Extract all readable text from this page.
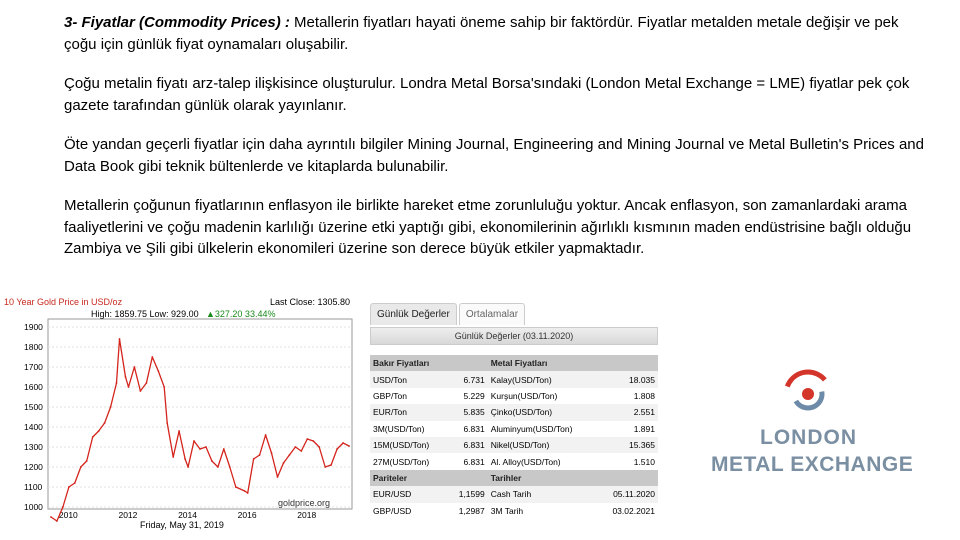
3- Fiyatlar (Commodity Prices) : Metallerin fiyatları hayati öneme sahip bir faktördür. Fiyatlar metalden metale değişir ve pek çoğu için günlük fiyat oynamaları oluşabilir.

Çoğu metalin fiyatı arz-talep ilişkisince oluşturulur. Londra Metal Borsa'sındaki (London Metal Exchange = LME) fiyatlar pek çok gazete tarafından günlük olarak yayınlanır.

Öte yandan geçerli fiyatlar için daha ayrıntılı bilgiler Mining Journal, Engineering and Mining Journal ve Metal Bulletin's Prices and Data Book gibi teknik bültenlerde ve kitaplarda bulunabilir.

Metallerin çoğunun fiyatlarının enflasyon ile birlikte hareket etme zorunluluğu yoktur. Ancak enflasyon, son zamanlardaki arama faaliyetlerini ve çoğu madenin karlılığı üzerine etki yaptığı gibi, ekonomilerinin ağırlıklı kısmının maden endüstrisine bağlı olduğu Zambiya ve Şili gibi ülkelerin ekonomileri üzerine son derece büyük etkiler yapmaktadır.

1900
1800
1700
1600
1500
1400
1300
1200
1100
1000
2010	2012	2014	2016	2018
10 Year Gold Price in USD/oz	Last Close: 1305.80
High: 1859.75 Low: 929.00 ▲327.20 33.44%
goldprice.org
Friday, May 31, 2019
Günlük Değerler	Ortalamalar
Günlük Değerler (03.11.2020)
Bakır Fiyatları		Metal Fiyatları	
USD/Ton	6.731	Kalay(USD/Ton)	18.035
GBP/Ton	5.229	Kurşun(USD/Ton)	1.808
EUR/Ton	5.835	Çinko(USD/Ton)	2.551
3M(USD/Ton)	6.831	Aluminyum(USD/Ton)	1.891
15M(USD/Ton)	6.831	Nikel(USD/Ton)	15.365
27M(USD/Ton)	6.831	Al. Alloy(USD/Ton)	1.510
Pariteler		Tarihler	
EUR/USD	1,1599	Cash Tarih	05.11.2020
GBP/USD	1,2987	3M Tarih	03.02.2021
LONDON
METAL EXCHANGE
